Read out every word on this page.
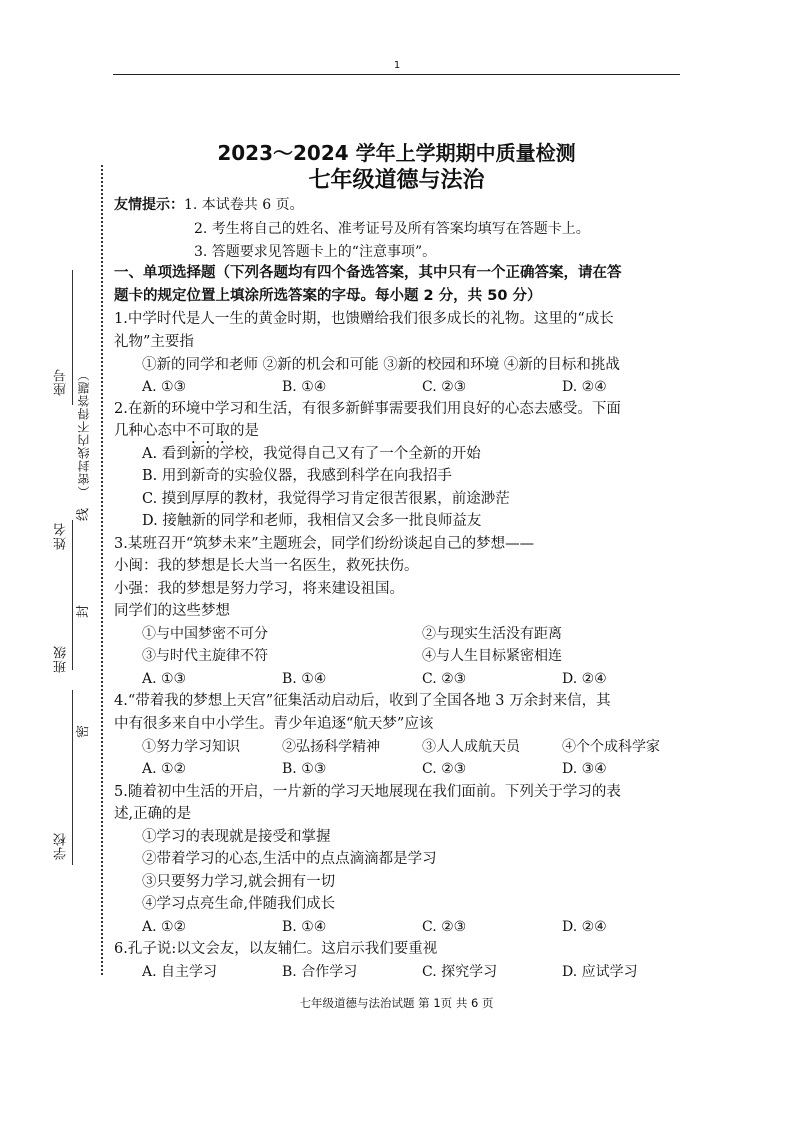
1
座号 （密封线内不得答题）
姓名
线
封
班级
密
学校
2023～2024 学年上学期期中质量检测
七年级道德与法治
友情提示：1. 本试卷共 6 页。
2. 考生将自己的姓名、准考证号及所有答案均填写在答题卡上。
3. 答题要求见答题卡上的“注意事项”。
一、单项选择题（下列各题均有四个备选答案，其中只有一个正确答案，请在答
题卡的规定位置上填涂所选答案的字母。每小题 2 分，共 50 分）
1.中学时代是人一生的黄金时期，也馈赠给我们很多成长的礼物。这里的“成长
礼物”主要指
①新的同学和老师 ②新的机会和可能 ③新的校园和环境 ④新的目标和挑战
A. ①③	B. ①④	C. ②③	D. ②④
2.在新的环境中学习和生活，有很多新鲜事需要我们用良好的心态去感受。下面
几种心态中不可取的是
A. 看到新的学校，我觉得自己又有了一个全新的开始
B. 用到新奇的实验仪器，我感到科学在向我招手
C. 摸到厚厚的教材，我觉得学习肯定很苦很累，前途渺茫
D. 接触新的同学和老师，我相信又会多一批良师益友
3.某班召开“筑梦未来”主题班会，同学们纷纷谈起自己的梦想——
小闽：我的梦想是长大当一名医生，救死扶伤。
小强：我的梦想是努力学习，将来建设祖国。
同学们的这些梦想
①与中国梦密不可分	②与现实生活没有距离
③与时代主旋律不符	④与人生目标紧密相连
A. ①③	B. ①④	C. ②③	D. ②④
4.“带着我的梦想上天宫”征集活动启动后，收到了全国各地 3 万余封来信，其
中有很多来自中小学生。青少年追逐“航天梦”应该
①努力学习知识	②弘扬科学精神	③人人成航天员	④个个成科学家
A. ①②	B. ①③	C. ②③	D. ③④
5.随着初中生活的开启，一片新的学习天地展现在我们面前。下列关于学习的表
述,正确的是
①学习的表现就是接受和掌握
②带着学习的心态,生活中的点点滴滴都是学习
③只要努力学习,就会拥有一切
④学习点亮生命,伴随我们成长
A. ①②	B. ①④	C. ②③	D. ②④
6.孔子说:以文会友，以友辅仁。这启示我们要重视
A. 自主学习	B. 合作学习	C. 探究学习	D. 应试学习
七年级道德与法治试题 第 1页 共 6 页
